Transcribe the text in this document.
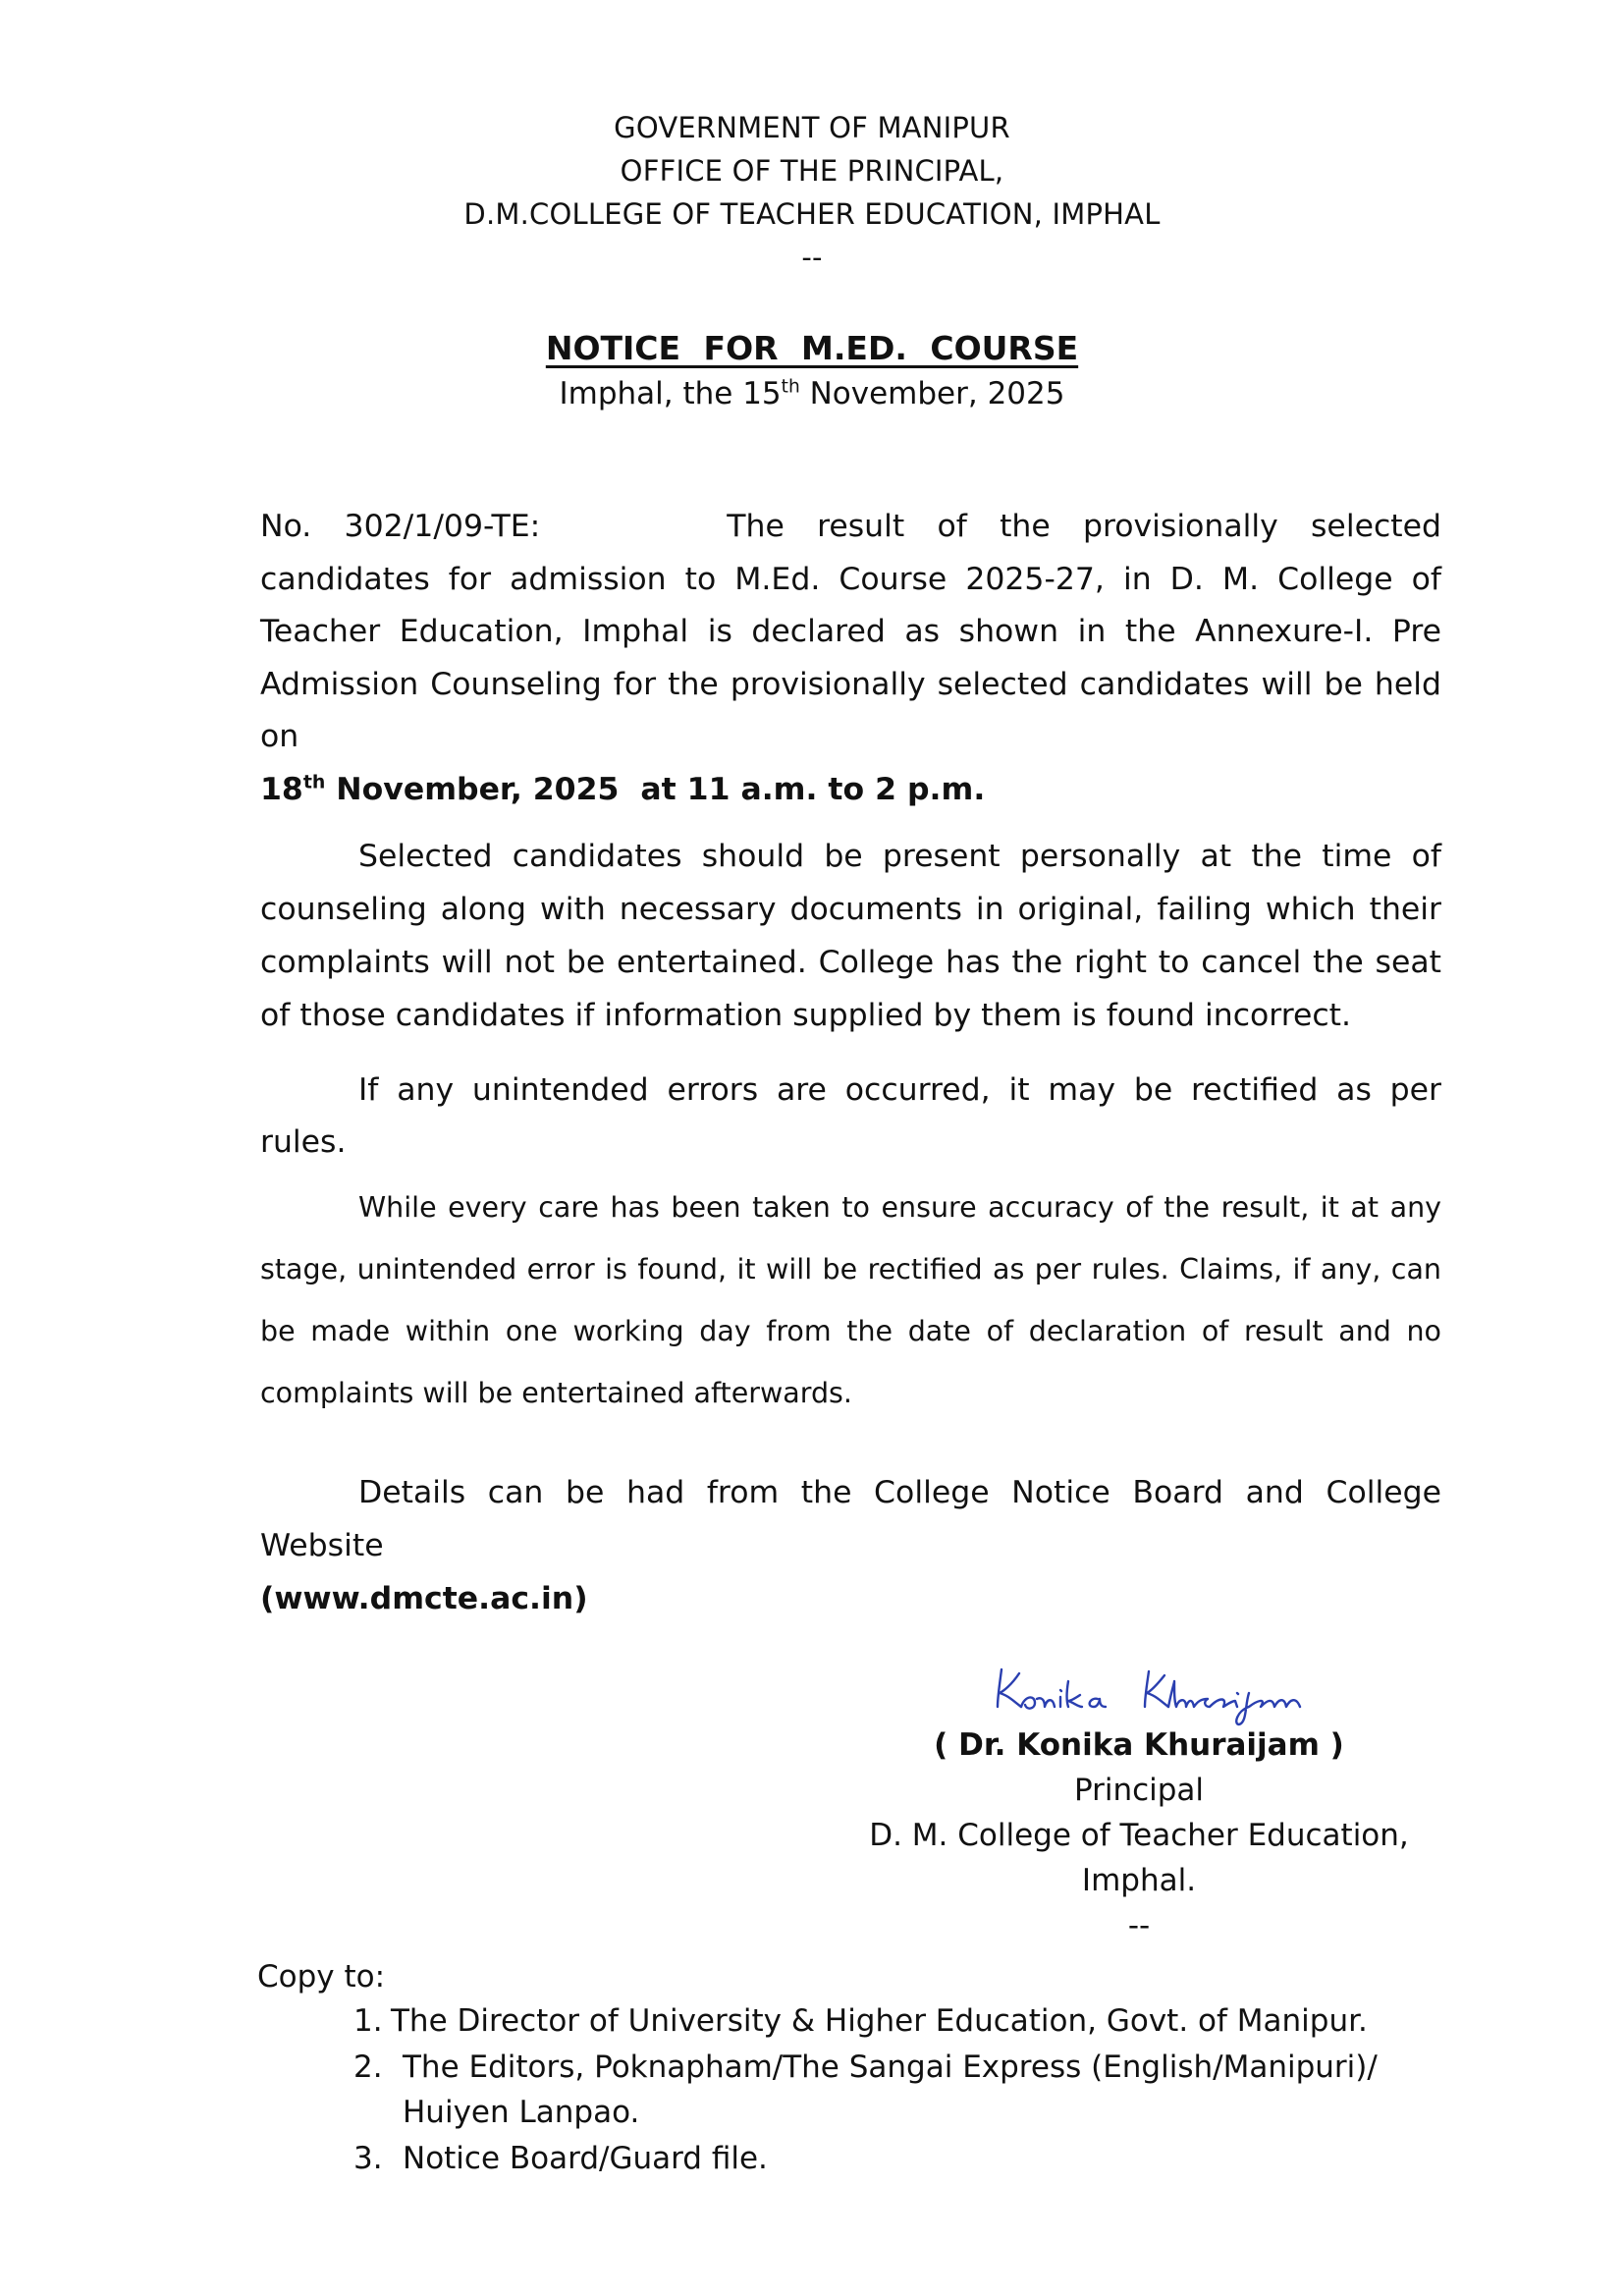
GOVERNMENT OF MANIPUR
OFFICE OF THE PRINCIPAL,
D.M.COLLEGE OF TEACHER EDUCATION, IMPHAL
--
NOTICE FOR M.ED. COURSE
Imphal, the 15th November, 2025
No. 302/1/09-TE:	The result of the provisionally selected candidates for admission to M.Ed. Course 2025-27, in D. M. College of Teacher Education, Imphal is declared as shown in the Annexure-I. Pre Admission Counseling for the provisionally selected candidates will be held on
18th November, 2025  at 11 a.m. to 2 p.m.
Selected candidates should be present personally at the time of counseling along with necessary documents in original, failing which their complaints will not be entertained. College has the right to cancel the seat of those candidates if information supplied by them is found incorrect.
If any unintended errors are occurred, it may be rectified as per rules.
While every care has been taken to ensure accuracy of the result, it at any stage, unintended error is found, it will be rectified as per rules. Claims, if any, can be made within one working day from the date of declaration of result and no complaints will be entertained afterwards.
Details can be had from the College Notice Board and College Website
(www.dmcte.ac.in)
( Dr. Konika Khuraijam )
Principal
D. M. College of Teacher Education,
Imphal.
--
Copy to:
1. The Director of University & Higher Education, Govt. of Manipur.
2. The Editors, Poknapham/The Sangai Express (English/Manipuri)/
Huiyen Lanpao.
3. Notice Board/Guard file.
